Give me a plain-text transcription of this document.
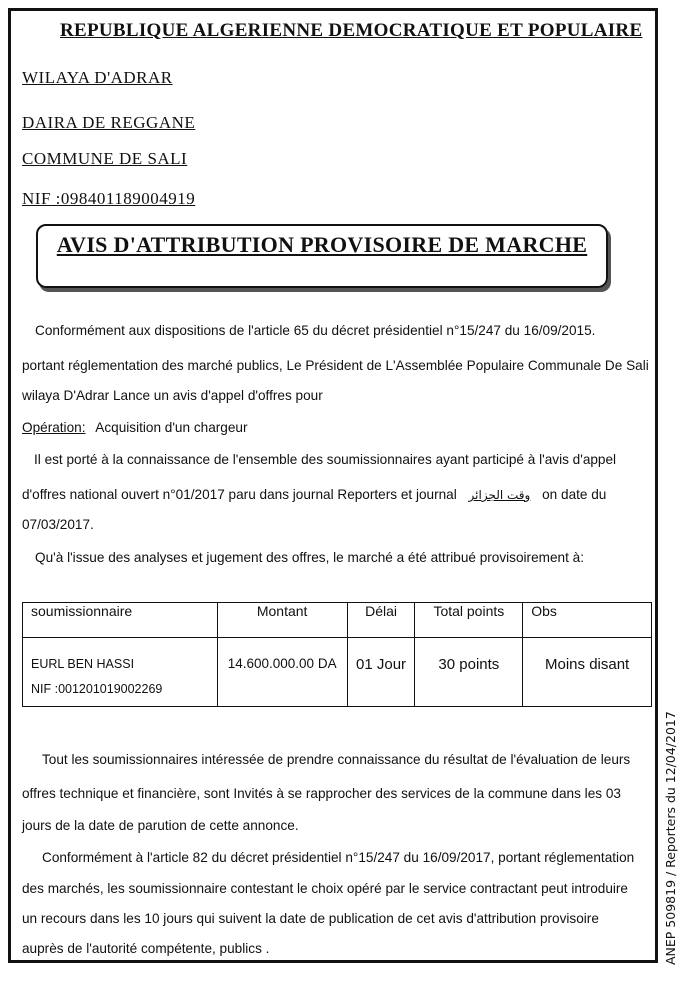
REPUBLIQUE ALGERIENNE DEMOCRATIQUE ET POPULAIRE
WILAYA D'ADRAR
DAIRA DE REGGANE
COMMUNE DE SALI
NIF :098401189004919
AVIS D'ATTRIBUTION PROVISOIRE DE MARCHE
Conformément aux dispositions de l'article 65 du décret présidentiel n°15/247 du 16/09/2015.
portant réglementation des marché publics, Le Président de L'Assemblée Populaire Communale De Sali
wilaya D'Adrar Lance un avis d'appel d'offres pour
Opération: Acquisition d'un chargeur
Il est porté à la connaissance de l'ensemble des soumissionnaires ayant participé à l'avis d'appel
d'offres national ouvert n°01/2017 paru dans journal Reporters et journal وقت الجزائر on date du
07/03/2017.
Qu'à l'issue des analyses et jugement des offres, le marché a été attribué provisoirement à:
soumissionnaire	Montant	Délai	Total points	Obs

EURL BEN HASSI
NIF :001201019002269	14.600.000.00 DA	01 Jour	30 points	Moins disant
Tout les soumissionnaires intéressée de prendre connaissance du résultat de l'évaluation de leurs
offres technique et financière, sont Invités à se rapprocher des services de la commune dans les 03
jours de la date de parution de cette annonce.
Conformément à l'article 82 du décret présidentiel n°15/247 du 16/09/2017, portant réglementation
des marchés, les soumissionnaire contestant le choix opéré par le service contractant peut introduire
un recours dans les 10 jours qui suivent la date de publication de cet avis d'attribution provisoire
auprès de l'autorité compétente, publics .	ANEP 509819 / Reporters du 12/04/2017
